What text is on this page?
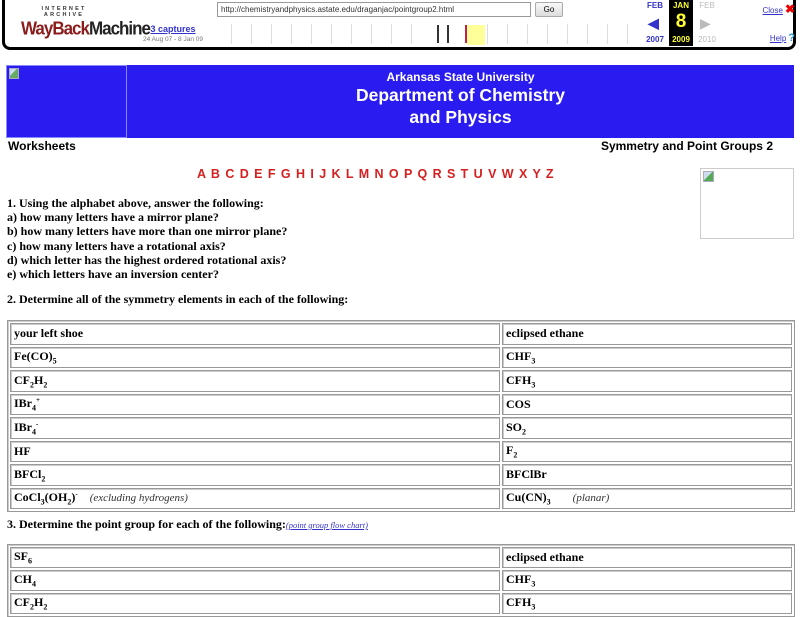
INTERNET ARCHIVE
WayBackMachine 3 captures
24 Aug 07 - 8 Jan 09
http://chemistryandphysics.astate.edu/draganjac/pointgroup2.html	Go	FEB
◀
2007
JAN
8
2009
FEB
▶
2010
Close ✖
Help ?
Arkansas State University
Department of Chemistry
and Physics
Worksheets	Symmetry and Point Groups 2
A B C D E F G H I J K L M N O P Q R S T U V W X Y Z
1. Using the alphabet above, answer the following:
a) how many letters have a mirror plane?
b) how many letters have more than one mirror plane?
c) how many letters have a rotational axis?
d) which letter has the highest ordered rotational axis?
e) which letters have an inversion center?
2. Determine all of the symmetry elements in each of the following:
your left shoe	eclipsed ethane
$Fe(CO)_5$	$CHF_3$
$CF_2H_2$	$CFH_3$
IBr$_4$+	COS
IBr$_4$-	$SO_2$
HF	$F_2$
BFCl$_2$	BFClBr
$CoCl_3(OH_2)^-$ (excluding hydrogens)	$Cu(CN)_3$ (planar)
3. Determine the point group for each of the following:(point group flow chart)
$SF_6$	eclipsed ethane
$CH_4$	$CHF_3$
$CF_2H_2$	$CFH_3$
